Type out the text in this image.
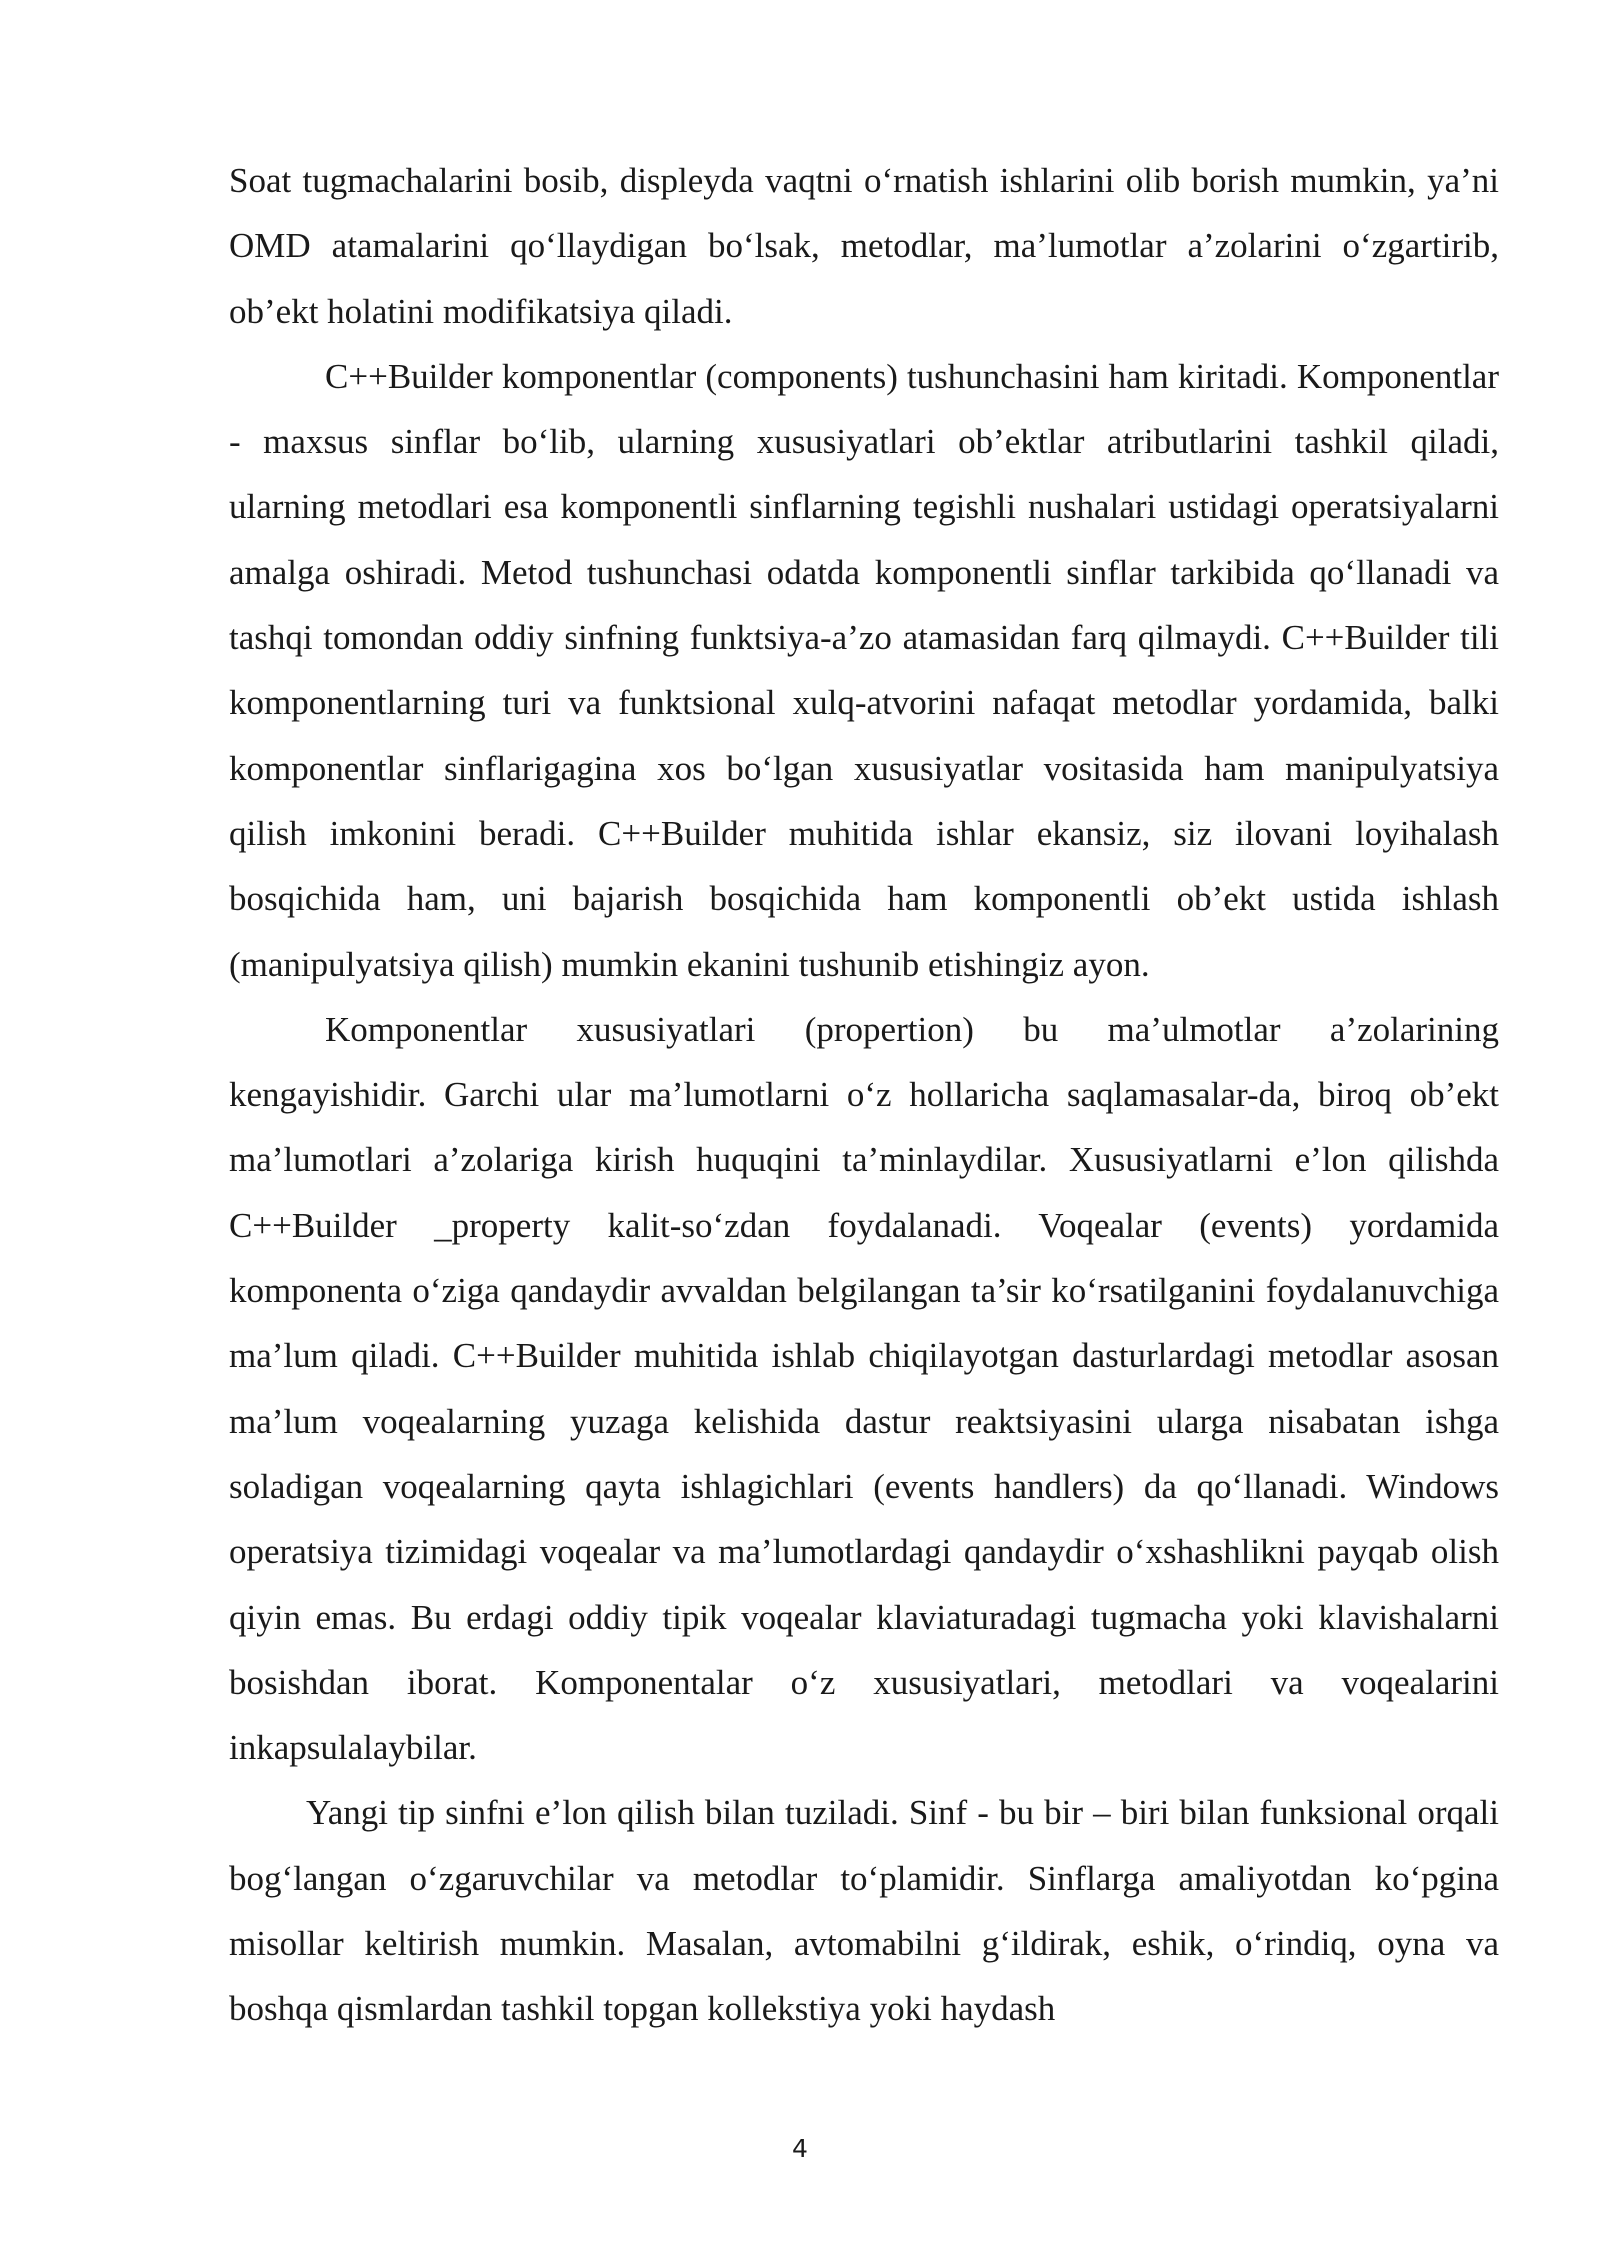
Soat tugmachalarini bosib, displeyda vaqtni o‘rnatish ishlarini olib borish mumkin, ya’ni OMD atamalarini qo‘llaydigan bo‘lsak, metodlar, ma’lumotlar a’zolarini o‘zgartirib, ob’ekt holatini modifikatsiya qiladi.

C++Builder komponentlar (components) tushunchasini ham kiritadi. Komponentlar - maxsus sinflar bo‘lib, ularning xususiyatlari ob’ektlar atributlarini tashkil qiladi, ularning metodlari esa komponentli sinflarning tegishli nushalari ustidagi operatsiyalarni amalga oshiradi. Metod tushunchasi odatda komponentli sinflar tarkibida qo‘llanadi va tashqi tomondan oddiy sinfning funktsiya-a’zo atamasidan farq qilmaydi. C++Builder tili komponentlarning turi va funktsional xulq-atvorini nafaqat metodlar yordamida, balki komponentlar sinflarigagina xos bo‘lgan xususiyatlar vositasida ham manipulyatsiya qilish imkonini beradi. C++Builder muhitida ishlar ekansiz, siz ilovani loyihalash bosqichida ham, uni bajarish bosqichida ham komponentli ob’ekt ustida ishlash (manipulyatsiya qilish) mumkin ekanini tushunib etishingiz ayon.

Komponentlar xususiyatlari (propertion) bu ma’ulmotlar a’zolarining kengayishidir. Garchi ular ma’lumotlarni o‘z hollaricha saqlamasalar-da, biroq ob’ekt ma’lumotlari a’zolariga kirish huquqini ta’minlaydilar. Xususiyatlarni e’lon qilishda C++Builder _property kalit-so‘zdan foydalanadi. Voqealar (events) yordamida komponenta o‘ziga qandaydir avvaldan belgilangan ta’sir ko‘rsatilganini foydalanuvchiga ma’lum qiladi. C++Builder muhitida ishlab chiqilayotgan dasturlardagi metodlar asosan ma’lum voqealarning yuzaga kelishida dastur reaktsiyasini ularga nisabatan ishga soladigan voqealarning qayta ishlagichlari (events handlers) da qo‘llanadi. Windows operatsiya tizimidagi voqealar va ma’lumotlardagi qandaydir o‘xshashlikni payqab olish qiyin emas. Bu erdagi oddiy tipik voqealar klaviaturadagi tugmacha yoki klavishalarni bosishdan iborat. Komponentalar o‘z xususiyatlari, metodlari va voqealarini inkapsulalaybilar.

Yangi tip sinfni e’lon qilish bilan tuziladi. Sinf - bu bir – biri bilan funksional orqali bog‘langan o‘zgaruvchilar va metodlar to‘plamidir. Sinflarga amaliyotdan ko‘pgina misollar keltirish mumkin. Masalan, avtomabilni g‘ildirak, eshik, o‘rindiq, oyna va boshqa qismlardan tashkil topgan kollekstiya yoki haydash

4
